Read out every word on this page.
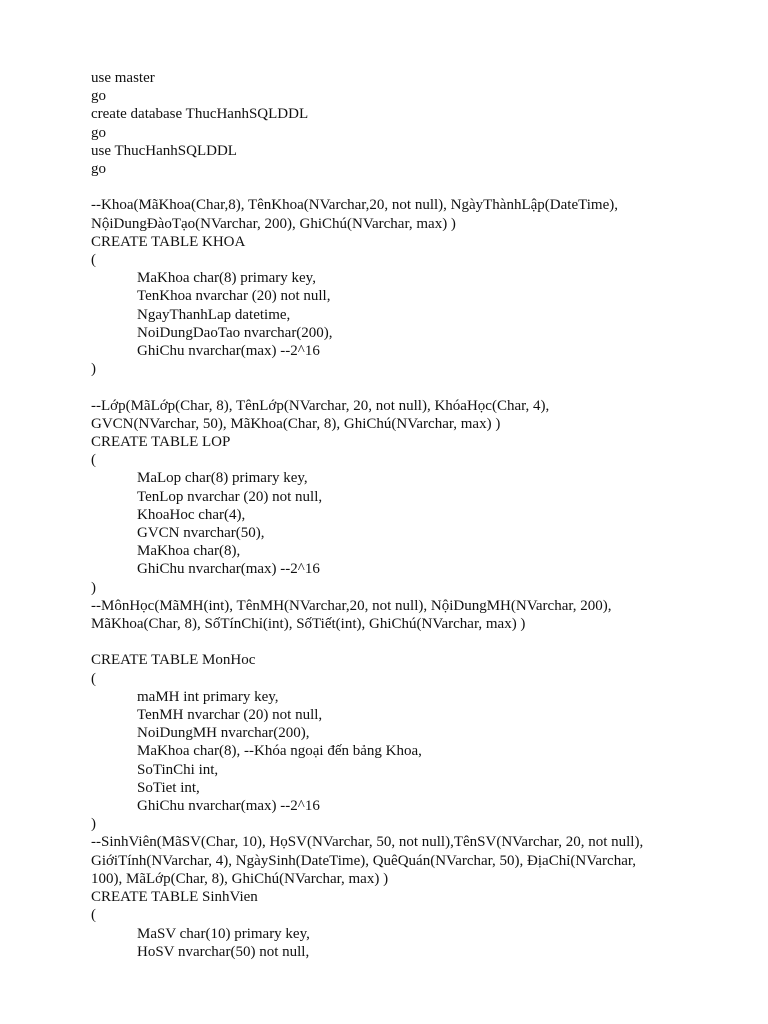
use master
go
create database ThucHanhSQLDDL
go
use ThucHanhSQLDDL
go
--Khoa(MãKhoa(Char,8), TênKhoa(NVarchar,20, not null), NgàyThànhLập(DateTime),
NộiDungĐàoTạo(NVarchar, 200), GhiChú(NVarchar, max) )
CREATE TABLE KHOA
(
MaKhoa char(8) primary key,
TenKhoa nvarchar (20) not null,
NgayThanhLap datetime,
NoiDungDaoTao nvarchar(200),
GhiChu nvarchar(max) --2^16
)
--Lớp(MãLớp(Char, 8), TênLớp(NVarchar, 20, not null), KhóaHọc(Char, 4),
GVCN(NVarchar, 50), MãKhoa(Char, 8), GhiChú(NVarchar, max) )
CREATE TABLE LOP
(
MaLop char(8) primary key,
TenLop nvarchar (20) not null,
KhoaHoc char(4),
GVCN nvarchar(50),
MaKhoa char(8),
GhiChu nvarchar(max) --2^16
)
--MônHọc(MãMH(int), TênMH(NVarchar,20, not null), NộiDungMH(NVarchar, 200),
MãKhoa(Char, 8), SốTínChỉ(int), SốTiết(int), GhiChú(NVarchar, max) )
CREATE TABLE MonHoc
(
maMH int primary key,
TenMH nvarchar (20) not null,
NoiDungMH nvarchar(200),
MaKhoa char(8), --Khóa ngoại đến bảng Khoa,
SoTinChi int,
SoTiet int,
GhiChu nvarchar(max) --2^16
)
--SinhViên(MãSV(Char, 10), HọSV(NVarchar, 50, not null),TênSV(NVarchar, 20, not null),
GiớiTính(NVarchar, 4), NgàySinh(DateTime), QuêQuán(NVarchar, 50), ĐịaChỉ(NVarchar,
100), MãLớp(Char, 8), GhiChú(NVarchar, max) )
CREATE TABLE SinhVien
(
MaSV char(10) primary key,
HoSV nvarchar(50) not null,
